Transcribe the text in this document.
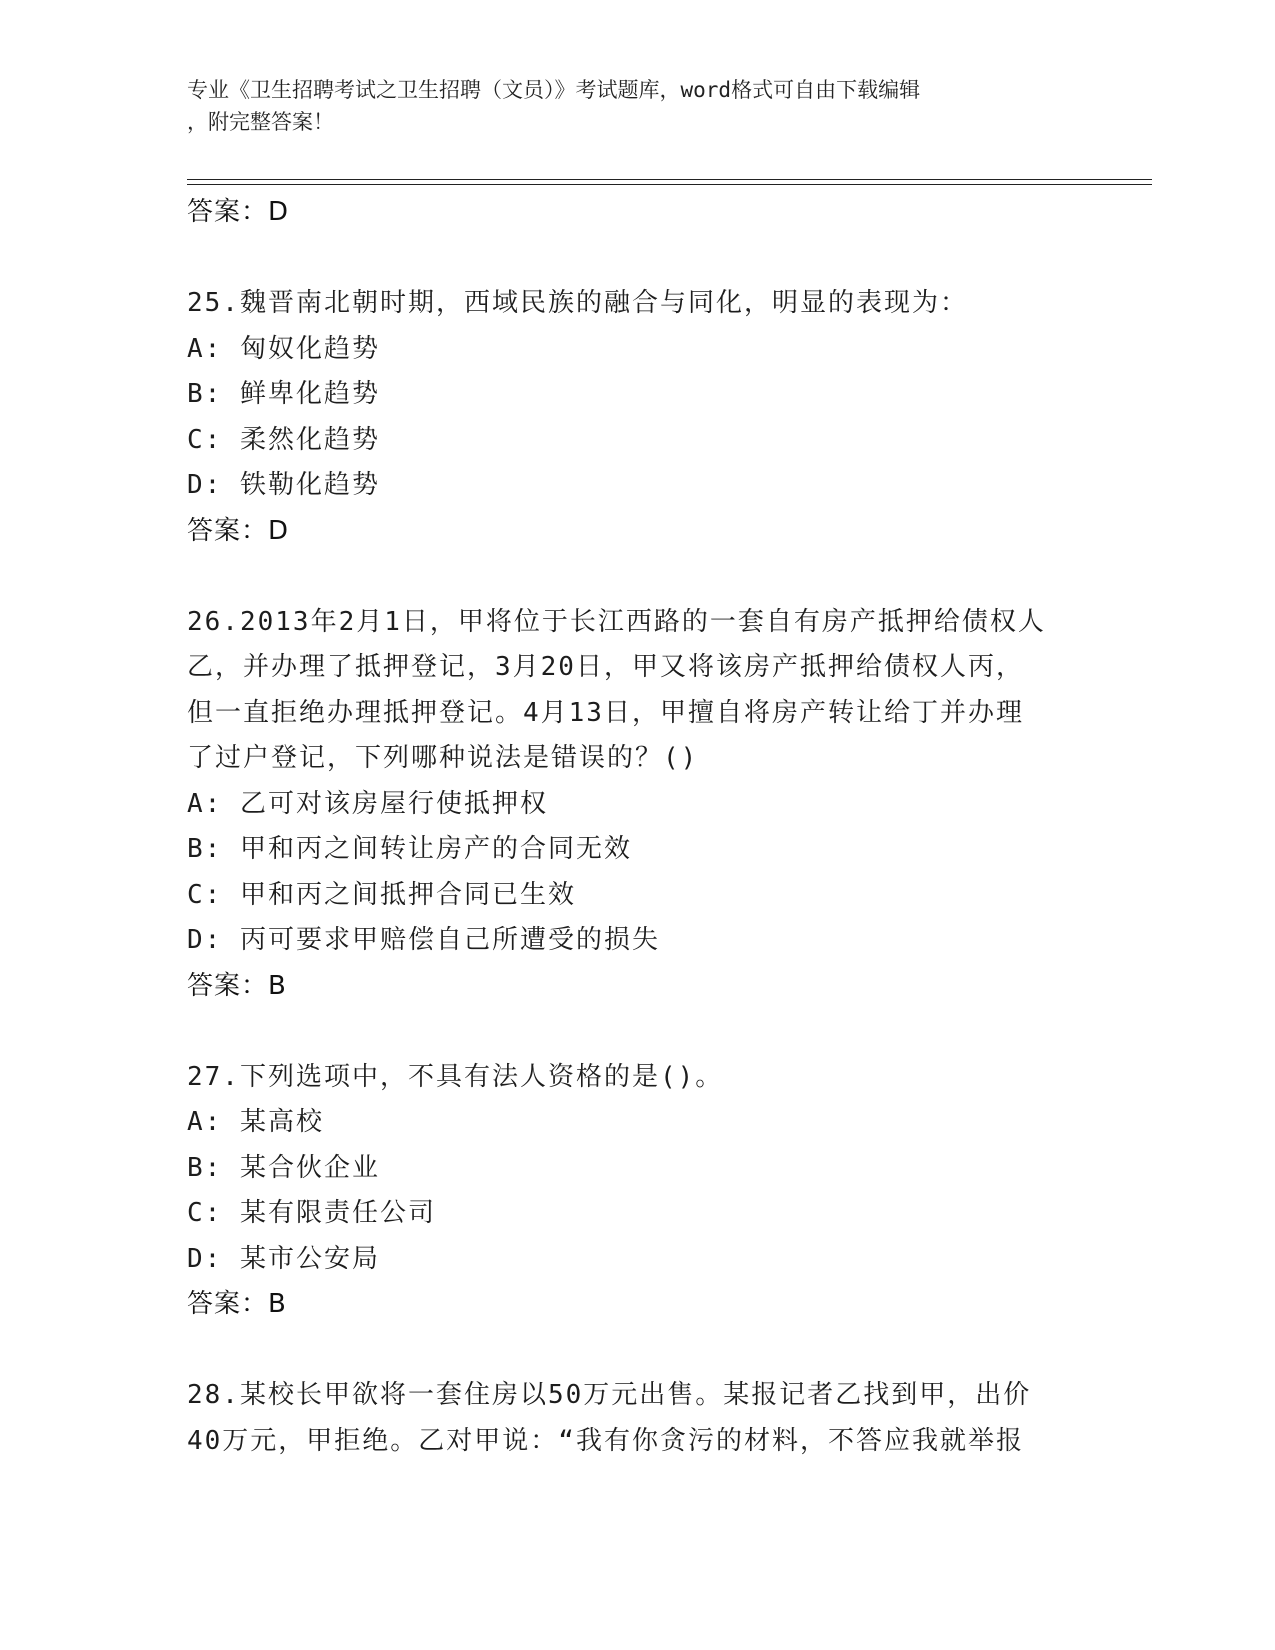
专业《卫生招聘考试之卫生招聘（文员）》考试题库，word格式可自由下载编辑
，附完整答案！
答案：D
25.魏晋南北朝时期，西域民族的融合与同化，明显的表现为：
A: 匈奴化趋势
B: 鲜卑化趋势
C: 柔然化趋势
D: 铁勒化趋势
答案：D
26.2013年2月1日，甲将位于长江西路的一套自有房产抵押给债权人
乙，并办理了抵押登记，3月20日，甲又将该房产抵押给债权人丙，
但一直拒绝办理抵押登记。4月13日，甲擅自将房产转让给丁并办理
了过户登记，下列哪种说法是错误的？()
A: 乙可对该房屋行使抵押权
B: 甲和丙之间转让房产的合同无效
C: 甲和丙之间抵押合同已生效
D: 丙可要求甲赔偿自己所遭受的损失
答案：B
27.下列选项中，不具有法人资格的是()。
A: 某高校
B: 某合伙企业
C: 某有限责任公司
D: 某市公安局
答案：B
28.某校长甲欲将一套住房以50万元出售。某报记者乙找到甲，出价
40万元，甲拒绝。乙对甲说：“我有你贪污的材料，不答应我就举报
